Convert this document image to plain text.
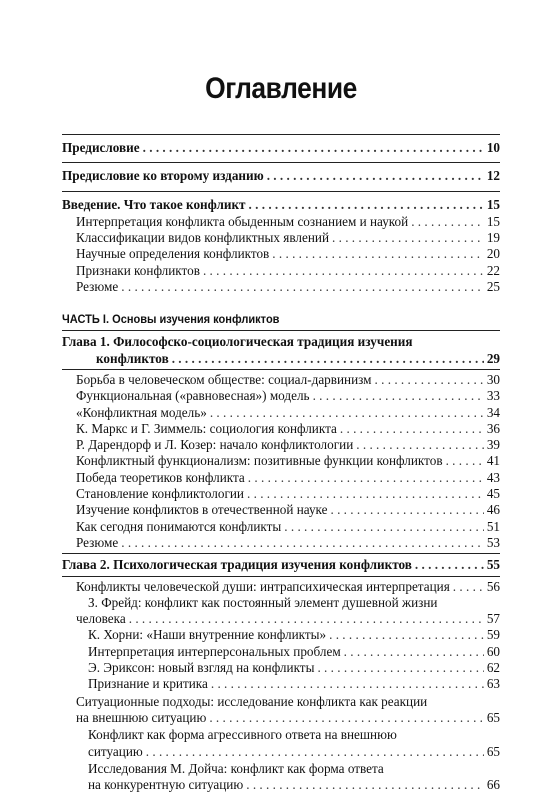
Оглавление
Предисловие . . .	10
Предисловие ко второму изданию . . .	12
Введение. Что такое конфликт . . .	15
Интерпретация конфликта обыденным сознанием и наукой . . .	15
Классификации видов конфликтных явлений . . .	19
Научные определения конфликтов . . .	20
Признаки конфликтов . . .	22
Резюме . . .	25
ЧАСТЬ I. Основы изучения конфликтов
Глава 1. Философско-социологическая традиция изучения
конфликтов . . .	29
Борьба в человеческом обществе: социал-дарвинизм . . .	30
Функциональная («равновесная») модель . . .	33
«Конфликтная модель» . . .	34
К. Маркс и Г. Зиммель: социология конфликта . . .	36
Р. Дарендорф и Л. Козер: начало конфликтологии . . .	39
Конфликтный функционализм: позитивные функции конфликтов . . .	41
Победа теоретиков конфликта . . .	43
Становление конфликтологии . . .	45
Изучение конфликтов в отечественной науке . . .	46
Как сегодня понимаются конфликты . . .	51
Резюме . . .	53
Глава 2. Психологическая традиция изучения конфликтов . . .	55
Конфликты человеческой души: интрапсихическая интерпретация . . .	56
З. Фрейд: конфликт как постоянный элемент душевной жизни
человека . . .	57
К. Хорни: «Наши внутренние конфликты» . . .	59
Интерпретация интерперсональных проблем . . .	60
Э. Эриксон: новый взгляд на конфликты . . .	62
Признание и критика . . .	63
Ситуационные подходы: исследование конфликта как реакции
на внешнюю ситуацию . . .	65
Конфликт как форма агрессивного ответа на внешнюю
ситуацию . . .	65
Исследования М. Дойча: конфликт как форма ответа
на конкурентную ситуацию . . .	66
